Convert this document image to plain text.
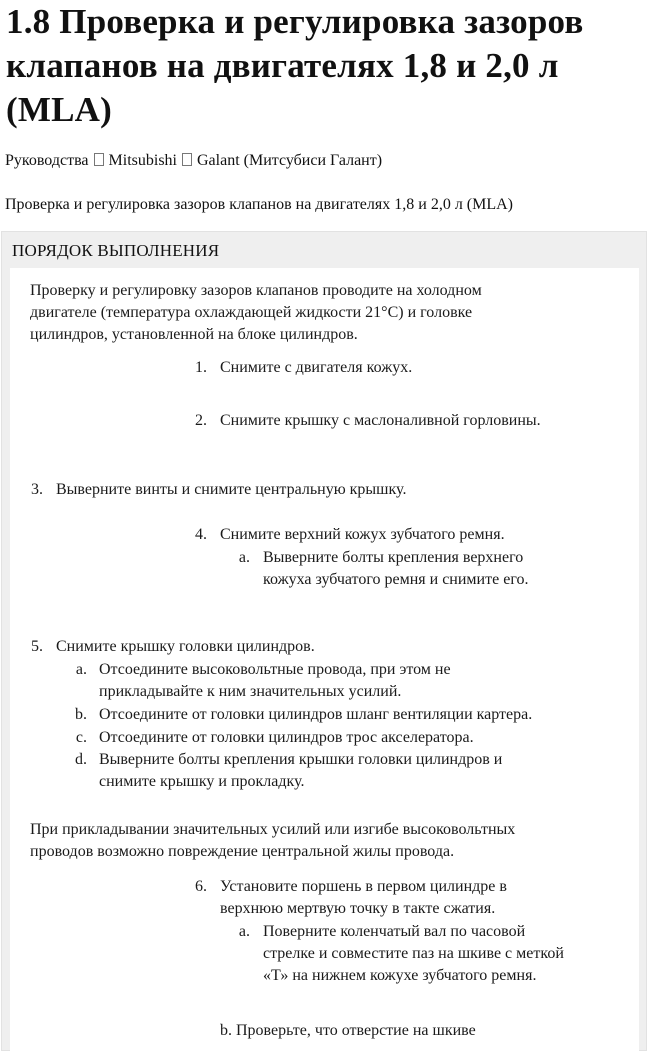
1.8 Проверка и регулировка зазоров клапанов на двигателях 1,8 и 2,0 л (MLA)
Руководства Mitsubishi Galant (Митсубиси Галант)
Проверка и регулировка зазоров клапанов на двигателях 1,8 и 2,0 л (MLA)
ПОРЯДОК ВЫПОЛНЕНИЯ
Проверку и регулировку зазоров клапанов проводите на холодном
двигателе (температура охлаждающей жидкости 21°С) и головке
цилиндров, установленной на блоке цилиндров.
1. Снимите с двигателя кожух.
2. Снимите крышку с маслоналивной горловины.
3. Выверните винты и снимите центральную крышку.
4. Снимите верхний кожух зубчатого ремня.
a. Выверните болты крепления верхнего
кожуха зубчатого ремня и снимите его.
5. Снимите крышку головки цилиндров.
a. Отсоедините высоковольтные провода, при этом не
прикладывайте к ним значительных усилий.
b. Отсоедините от головки цилиндров шланг вентиляции картера.
c. Отсоедините от головки цилиндров трос акселератора.
d. Выверните болты крепления крышки головки цилиндров и
снимите крышку и прокладку.
При прикладывании значительных усилий или изгибе высоковольтных
проводов возможно повреждение центральной жилы провода.
6. Установите поршень в первом цилиндре в
верхнюю мертвую точку в такте сжатия.
a. Поверните коленчатый вал по часовой
стрелке и совместите паз на шкиве с меткой
«Т» на нижнем кожухе зубчатого ремня.
b. Проверьте, что отверстие на шкиве
